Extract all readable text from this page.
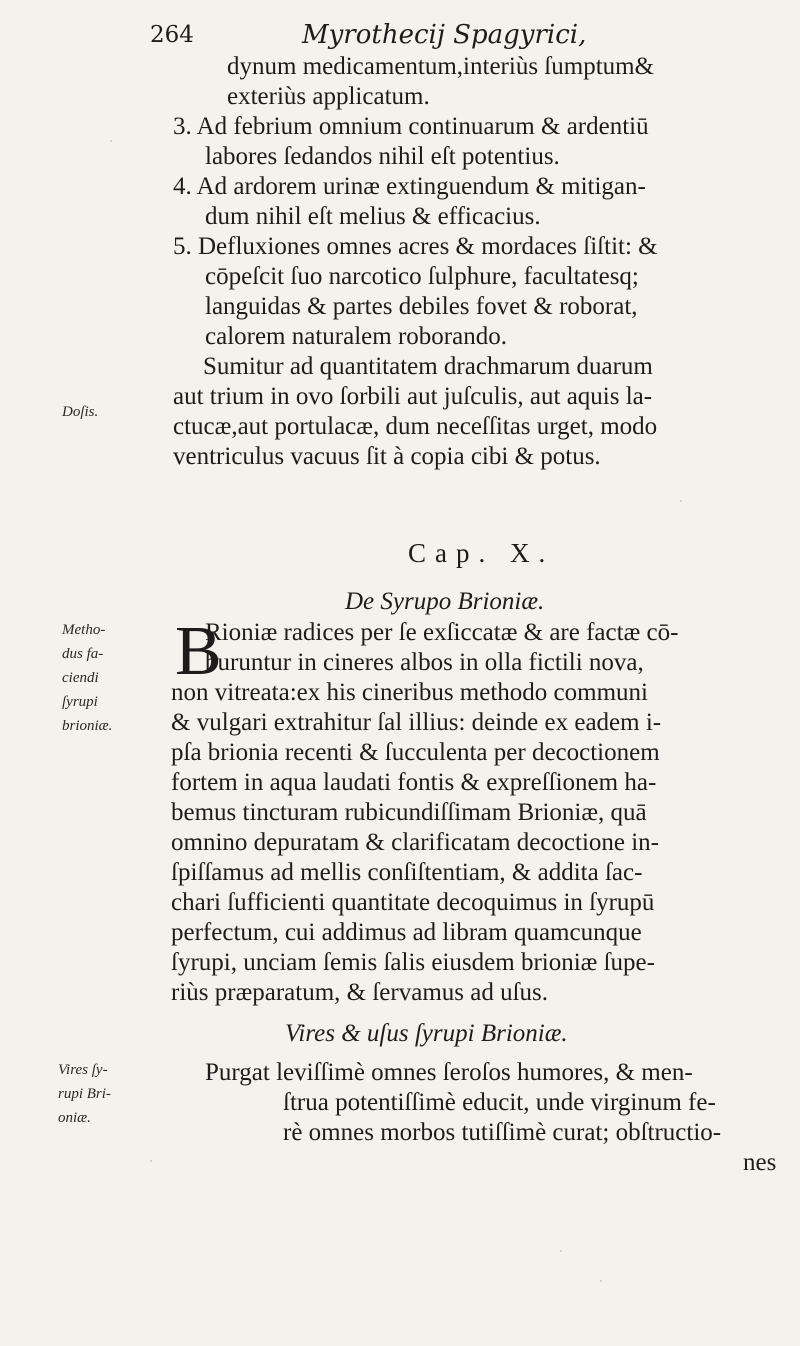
264	Myrothecij Spagyrici,
dynum medicamentum,interiùs ſumptum&
exteriùs applicatum.
3. Ad febrium omnium continuarum & ardentiū
labores ſedandos nihil eſt potentius.
4. Ad ardorem urinæ extinguendum & mitigan-
dum nihil eſt melius & efficacius.
5. Defluxiones omnes acres & mordaces ſiſtit: &
cōpeſcit ſuo narcotico ſulphure, facultatesq;
languidas & partes debiles fovet & roborat,
calorem naturalem roborando.
Sumitur ad quantitatem drachmarum duarum
aut trium in ovo ſorbili aut juſculis, aut aquis la-
ctucæ,aut portulacæ, dum neceſſitas urget, modo
ventriculus vacuus ſit à copia cibi & potus.
Doſis.
Cap. X.
De Syrupo Brioniæ.
Metho-
dus fa-
ciendi
ſyrupi
brioniæ.
B
Rioniæ radices per ſe exſiccatæ & are factæ cō-
buruntur in cineres albos in olla fictili nova,
non vitreata:ex his cineribus methodo communi
& vulgari extrahitur ſal illius: deinde ex eadem i-
pſa brionia recenti & ſucculenta per decoctionem
fortem in aqua laudati fontis & expreſſionem ha-
bemus tincturam rubicundiſſimam Brioniæ, quā
omnino depuratam & clarificatam decoctione in-
ſpiſſamus ad mellis conſiſtentiam, & addita ſac-
chari ſufficienti quantitate decoquimus in ſyrupū
perfectum, cui addimus ad libram quamcunque
ſyrupi, unciam ſemis ſalis eiusdem brioniæ ſupe-
riùs præparatum, & ſervamus ad uſus.
Vires & uſus ſyrupi Brioniæ.
Vires ſy-
rupi Bri-
oniæ.
Purgat leviſſimè omnes ſeroſos humores, & men-
ſtrua potentiſſimè educit, unde virginum fe-
rè omnes morbos tutiſſimè curat; obſtructio-
nes
